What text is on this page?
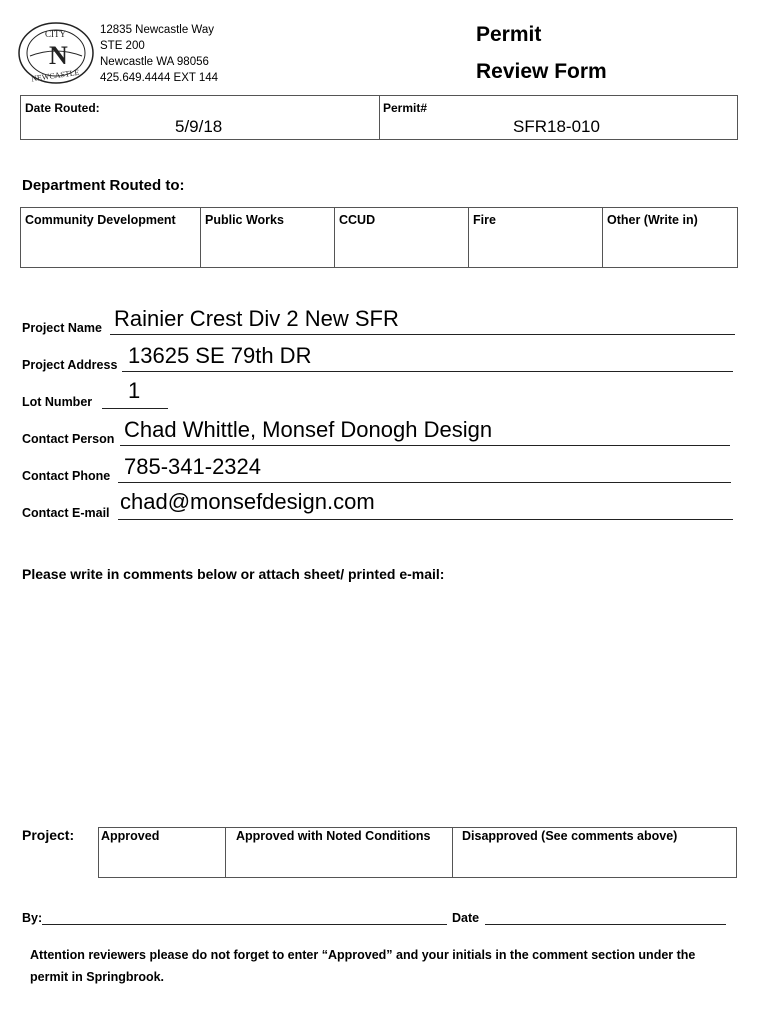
CITY
N
NEWCASTLE
12835 Newcastle Way
STE 200
Newcastle WA 98056
425.649.4444 EXT 144
Permit
Review Form
Date Routed:
5/9/18
Permit#
SFR18-010
Department Routed to:
Community Development	Public Works	CCUD	Fire	Other (Write in)
Project Name Rainier Crest Div 2 New SFR
Project Address 13625 SE 79th DR
Lot Number 1
Contact Person Chad Whittle, Monsef Donogh Design
Contact Phone 785-341-2324
Contact E-mail chad@monsefdesign.com
Please write in comments below or attach sheet/ printed e-mail:
Project: Approved	Approved with Noted Conditions	Disapproved (See comments above)
By:	Date
Attention reviewers please do not forget to enter “Approved” and your initials in the comment section under the permit in Springbrook.
